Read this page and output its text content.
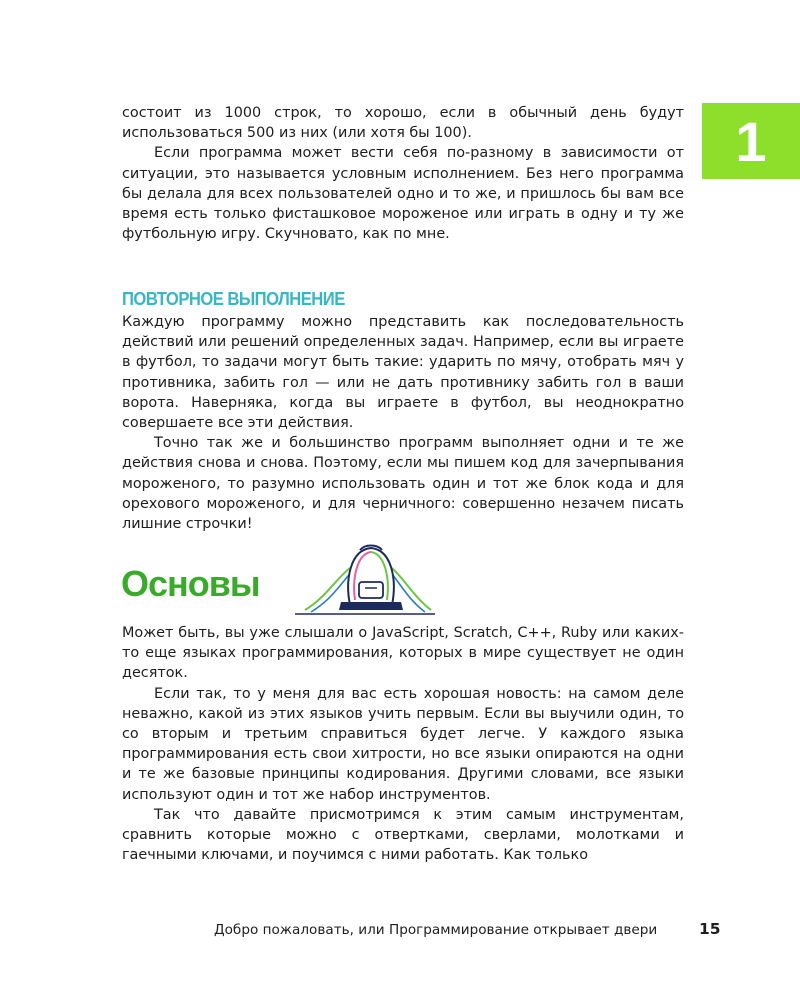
1

состоит из 1000 строк, то хорошо, если в обычный день будут использоваться 500 из них (или хотя бы 100).

Если программа может вести себя по-разному в зависимости от ситуации, это называется условным исполнением. Без него программа бы делала для всех пользователей одно и то же, и пришлось бы вам все время есть только фисташковое мороженое или играть в одну и ту же футбольную игру. Скучновато, как по мне.

ПОВТОРНОЕ ВЫПОЛНЕНИЕ

Каждую программу можно представить как последовательность действий или решений определенных задач. Например, если вы играете в футбол, то задачи могут быть такие: ударить по мячу, отобрать мяч у противника, забить гол — или не дать противнику забить гол в ваши ворота. Наверняка, когда вы играете в футбол, вы неоднократно совершаете все эти действия.

Точно так же и большинство программ выполняет одни и те же действия снова и снова. Поэтому, если мы пишем код для зачерпывания мороженого, то разумно использовать один и тот же блок кода и для орехового мороженого, и для черничного: совершенно незачем писать лишние строчки!

Основы

Может быть, вы уже слышали о JavaScript, Scratch, C++, Ruby или каких-то еще языках программирования, которых в мире существует не один десяток.

Если так, то у меня для вас есть хорошая новость: на самом деле неважно, какой из этих языков учить первым. Если вы выучили один, то со вторым и третьим справиться будет легче. У каждого языка программирования есть свои хитрости, но все языки опираются на одни и те же базовые принципы кодирования. Другими словами, все языки используют один и тот же набор инструментов.

Так что давайте присмотримся к этим самым инструментам, сравнить которые можно с отвертками, сверлами, молотками и гаечными ключами, и поучимся с ними работать. Как только

Добро пожаловать, или Программирование открывает двери	15
